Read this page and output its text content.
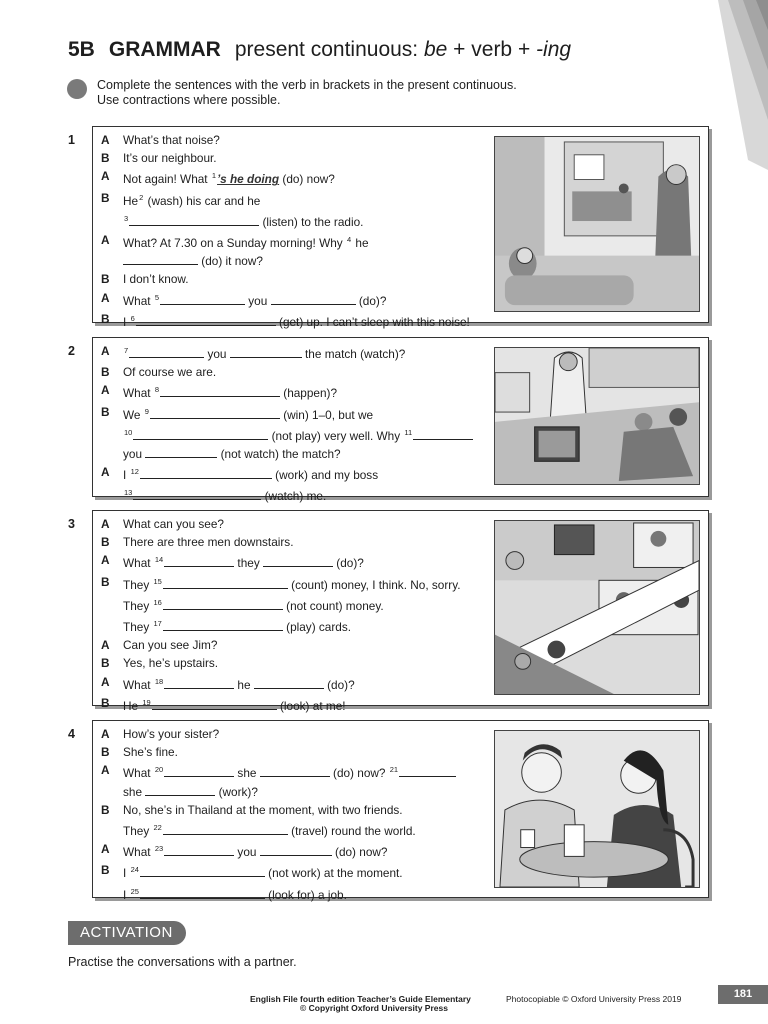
5B GRAMMAR present continuous: be + verb + -ing
Complete the sentences with the verb in brackets in the present continuous.
Use contractions where possible.
1 A	What’s that noise?
B	It’s our neighbour.
A	Not again! What $^1$’s he doing (do) now?
B	He$^2$ (wash) his car and he
$^3$	(listen) to the radio.
A	What? At 7.30 on a Sunday morning! Why $^4$ he
(do) it now?
B	I don’t know.
A	What $^5$	you	(do)?
B	I $^6$	(get) up. I can’t sleep with this noise!
2 A	$^7$	you	the match (watch)?
B	Of course we are.
A	What $^8$	(happen)?
B	We $^9$	(win) 1–0, but we
$^{10}$	(not play) very well. Why $^{11}$
you	(not watch) the match?
A	I $^{12}$	(work) and my boss
$^{13}$	(watch) me.
3 A	What can you see?
B	There are three men downstairs.
A	What $^{14}$	they	(do)?
B	They $^{15}$	(count) money, I think. No, sorry.
They $^{16}$	(not count) money.
They $^{17}$	(play) cards.
A	Can you see Jim?
B	Yes, he’s upstairs.
A	What $^{18}$	he	(do)?
B	He $^{19}$	(look) at me!
4 A	How’s your sister?
B	She’s fine.
A	What $^{20}$	she	(do) now? $^{21}$
she	(work)?
B	No, she’s in Thailand at the moment, with two friends.
They $^{22}$	(travel) round the world.
A	What $^{23}$	you	(do) now?
B	I $^{24}$	(not work) at the moment.
I $^{25}$	(look for) a job.
ACTIVATION
Practise the conversations with a partner.
English File fourth edition Teacher’s Guide Elementary	Photocopiable © Oxford University Press 2019
© Copyright Oxford University Press
181
